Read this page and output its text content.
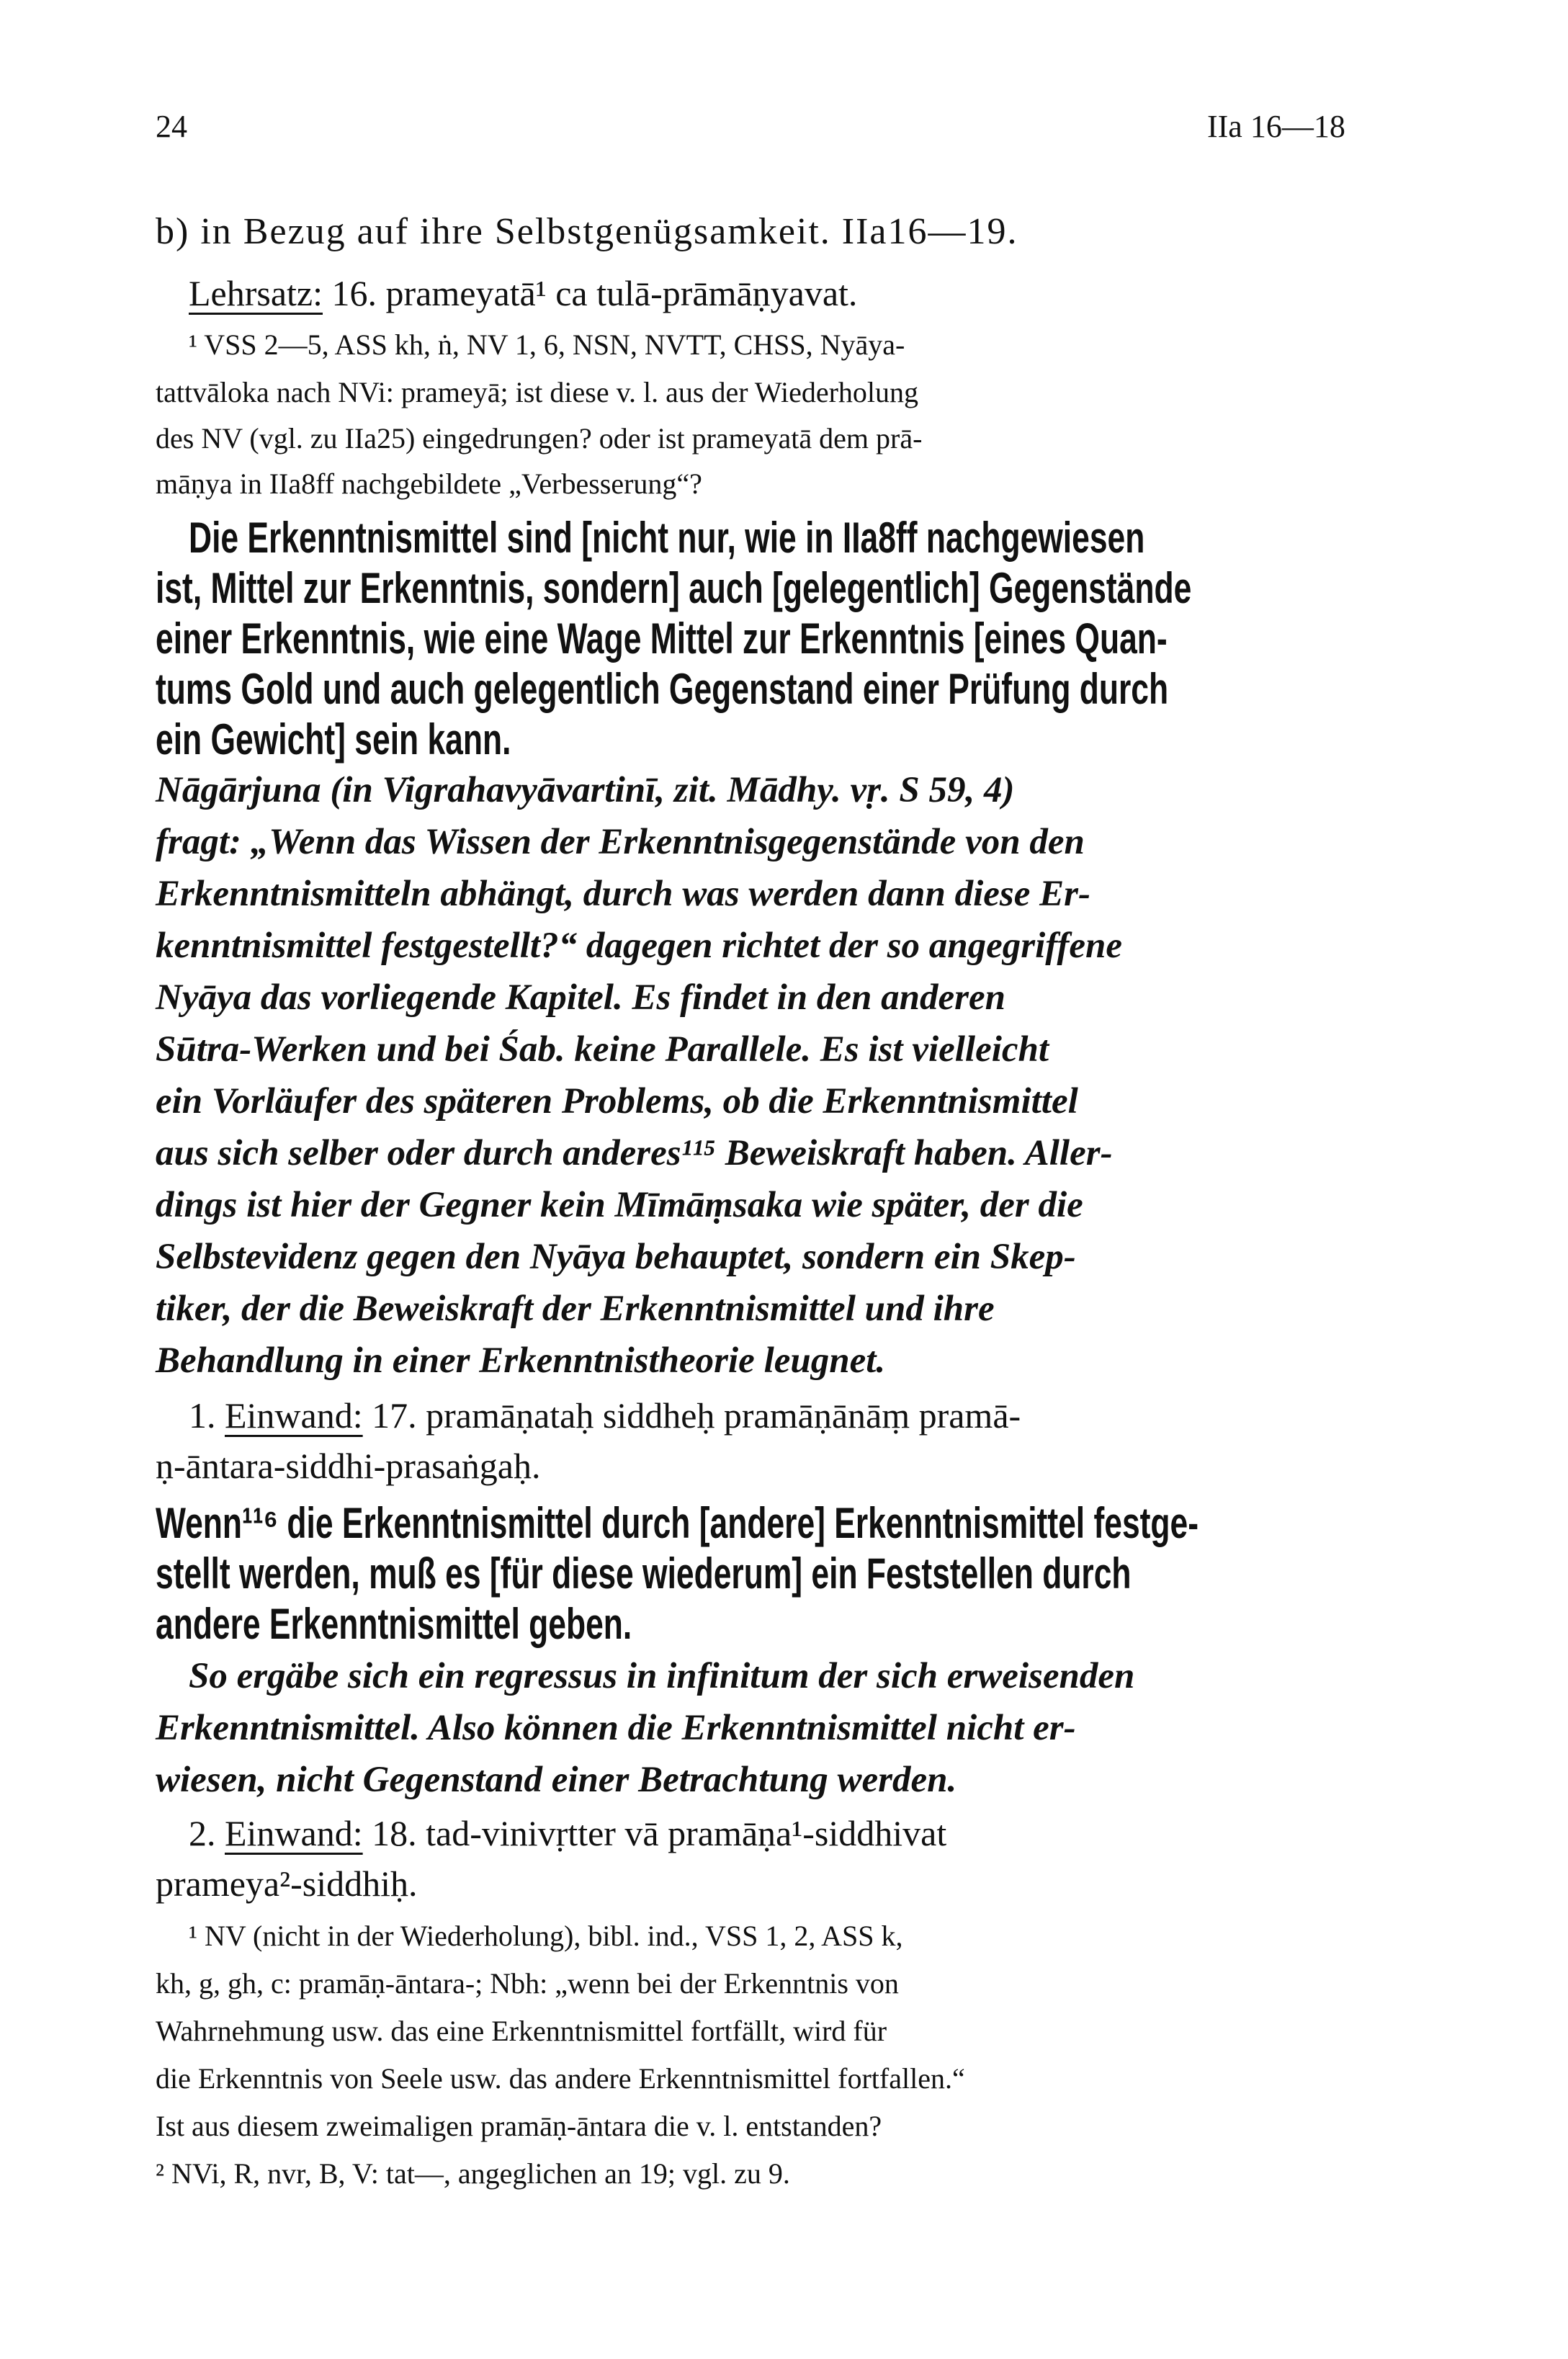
24	IIa 16—18
b) in Bezug auf ihre Selbstgenügsamkeit. IIa16—19.
Lehrsatz: 16. prameyatā¹ ca tulā-prāmāṇyavat.
¹ VSS 2—5, ASS kh, ṅ, NV 1, 6, NSN, NVTT, CHSS, Nyāya-
tattvāloka nach NVi: prameyā; ist diese v. l. aus der Wiederholung
des NV (vgl. zu IIa25) eingedrungen? oder ist prameyatā dem prā-
māṇya in IIa8ff nachgebildete „Verbesserung“?
Die Erkenntnismittel sind [nicht nur, wie in IIa8ff nachgewiesen
ist, Mittel zur Erkenntnis, sondern] auch [gelegentlich] Gegenstände
einer Erkenntnis, wie eine Wage Mittel zur Erkenntnis [eines Quan-
tums Gold und auch gelegentlich Gegenstand einer Prüfung durch
ein Gewicht] sein kann.
Nāgārjuna (in Vigrahavyāvartinī, zit. Mādhy. vṛ. S 59, 4)
fragt: „Wenn das Wissen der Erkenntnisgegenstände von den
Erkenntnismitteln abhängt, durch was werden dann diese Er-
kenntnismittel festgestellt?“ dagegen richtet der so angegriffene
Nyāya das vorliegende Kapitel. Es findet in den anderen
Sūtra-Werken und bei Śab. keine Parallele. Es ist vielleicht
ein Vorläufer des späteren Problems, ob die Erkenntnismittel
aus sich selber oder durch anderes¹¹⁵ Beweiskraft haben. Aller-
dings ist hier der Gegner kein Mīmāṃsaka wie später, der die
Selbstevidenz gegen den Nyāya behauptet, sondern ein Skep-
tiker, der die Beweiskraft der Erkenntnismittel und ihre
Behandlung in einer Erkenntnistheorie leugnet.
1. Einwand: 17. pramāṇataḥ siddheḥ pramāṇānāṃ pramā-
ṇ-āntara-siddhi-prasaṅgaḥ.
Wenn¹¹⁶ die Erkenntnismittel durch [andere] Erkenntnismittel festge-
stellt werden, muß es [für diese wiederum] ein Feststellen durch
andere Erkenntnismittel geben.
So ergäbe sich ein regressus in infinitum der sich erweisenden
Erkenntnismittel. Also können die Erkenntnismittel nicht er-
wiesen, nicht Gegenstand einer Betrachtung werden.
2. Einwand: 18. tad-vinivṛtter vā pramāṇa¹-siddhivat
prameya²-siddhiḥ.
¹ NV (nicht in der Wiederholung), bibl. ind., VSS 1, 2, ASS k,
kh, g, gh, c: pramāṇ-āntara-; Nbh: „wenn bei der Erkenntnis von
Wahrnehmung usw. das eine Erkenntnismittel fortfällt, wird für
die Erkenntnis von Seele usw. das andere Erkenntnismittel fortfallen.“
Ist aus diesem zweimaligen pramāṇ-āntara die v. l. entstanden?
² NVi, R, nvr, B, V: tat—, angeglichen an 19; vgl. zu 9.
